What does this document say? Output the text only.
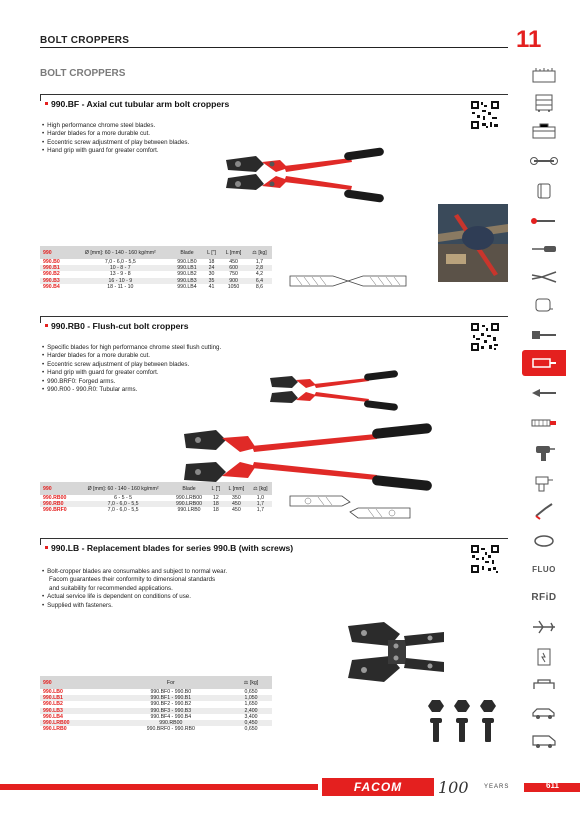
BOLT CROPPERS	11
BOLT CROPPERS
990.BF - Axial cut tubular arm bolt croppers
• High performance chrome steel blades.
• Harder blades for a more durable cut.
• Eccentric screw adjustment of play between blades.
• Hand grip with guard for greater comfort.
990	Ø [mm]: 60 - 140 - 160 kg/mm²	Blade	L ["]	L [mm]	⚖ [kg]
990.B0	7,0 - 6,0 - 5,5	990.LB0	18	450	1,7
990.B1	10 - 8 - 7	990.LB1	24	600	2,8
990.B2	13 - 9 - 8	990.LB2	30	750	4,2
990.B3	16 - 10 - 9	990.LB3	35	900	6,4
990.B4	18 - 11 - 10	990.LB4	41	1050	8,6
990.RB0 - Flush-cut bolt croppers
• Specific blades for high performance chrome steel flush cutting.
• Harder blades for a more durable cut.
• Eccentric screw adjustment of play between blades.
• Hand grip with guard for greater comfort.
• 990.BRF0: Forged arms.
• 990.R00 - 990.R0: Tubular arms.
990	Ø [mm]: 60 - 140 - 160 kg/mm²	Blade	L ["]	L [mm]	⚖ [kg]
990.RB00	6 - 5 - 5	990.LRB00	12	350	1,0
990.RB0	7,0 - 6,0 - 5,5	990.LRB00	18	450	1,7
990.BRF0	7,0 - 6,0 - 5,5	990.LRB0	18	450	1,7
990.LB - Replacement blades for series 990.B (with screws)
• Bolt-cropper blades are consumables and subject to normal wear.
Facom guarantees their conformity to dimensional standards
and suitability for recommended applications.
• Actual service life is dependent on conditions of use.
• Supplied with fasteners.
990	For	⚖ [kg]
990.LB0	990.BF0 - 990.B0	0,650
990.LB1	990.BF1 - 990.B1	1,050
990.LB2	990.BF2 - 990.B2	1,650
990.LB3	990.BF3 - 990.B3	2,400
990.LB4	990.BF4 - 990.B4	3,400
990.LRB00	990.RB00	0,450
990.LRB0	990.BRF0 - 990.RB0	0,650
FLUO
RFiD
FACOM	100	YEARS	611
